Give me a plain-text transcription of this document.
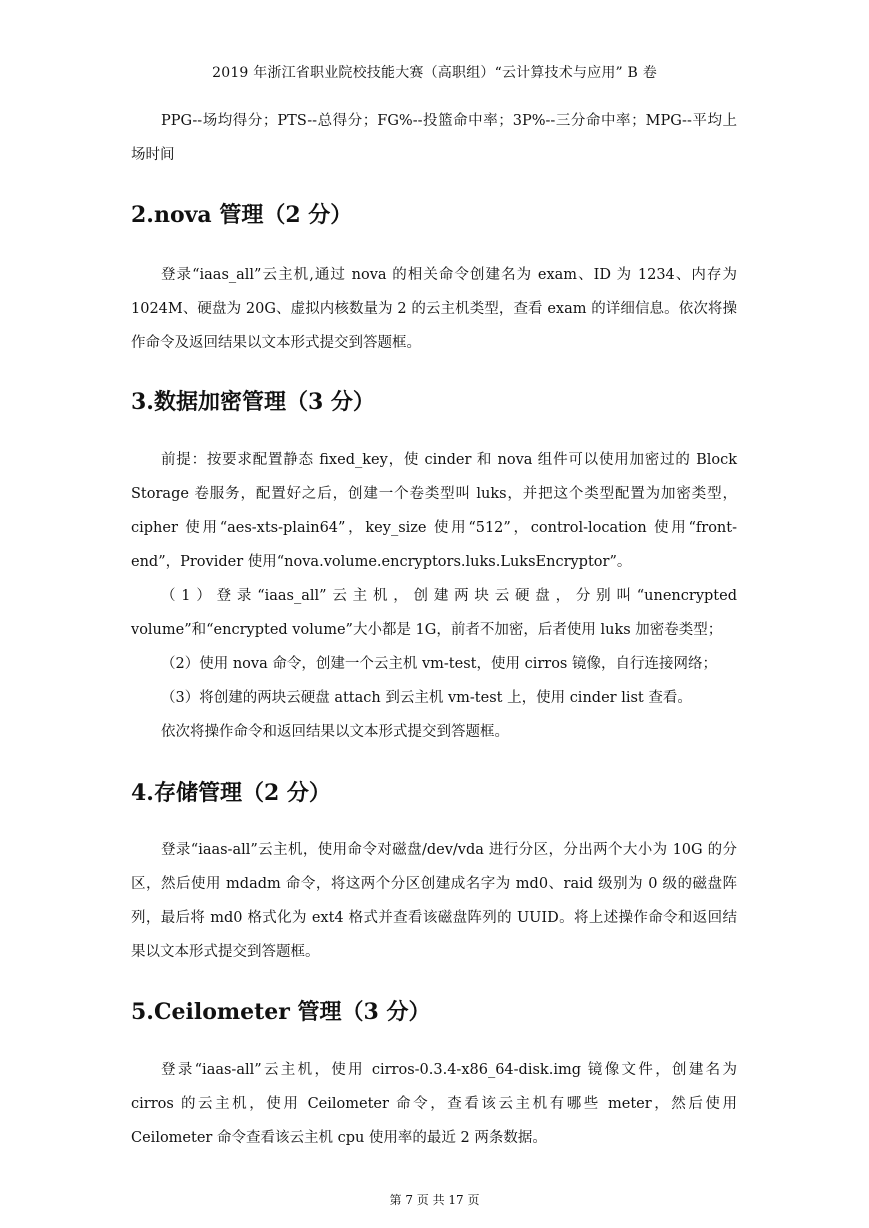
2019 年浙江省职业院校技能大赛（高职组）“云计算技术与应用” B 卷

PPG--场均得分；PTS--总得分；FG%--投篮命中率；3P%--三分命中率；MPG--平均上场时间

2.nova 管理（2 分）

登录“iaas_all”云主机,通过 nova 的相关命令创建名为 exam、ID 为 1234、内存为 1024M、硬盘为 20G、虚拟内核数量为 2 的云主机类型，查看 exam 的详细信息。依次将操作命令及返回结果以文本形式提交到答题框。

3.数据加密管理（3 分）

前提：按要求配置静态 fixed_key，使 cinder 和 nova 组件可以使用加密过的 Block Storage 卷服务，配置好之后，创建一个卷类型叫 luks，并把这个类型配置为加密类型，cipher 使用“aes-xts-plain64”，key_size 使用“512”，control-location 使用“front-end”，Provider 使用“nova.volume.encryptors.luks.LuksEncryptor”。

（1）登录“iaas_all”云主机，创建两块云硬盘，分别叫“unencrypted volume”和“encrypted volume”大小都是 1G，前者不加密，后者使用 luks 加密卷类型；

（2）使用 nova 命令，创建一个云主机 vm-test，使用 cirros 镜像，自行连接网络；

（3）将创建的两块云硬盘 attach 到云主机 vm-test 上，使用 cinder list 查看。

依次将操作命令和返回结果以文本形式提交到答题框。

4.存储管理（2 分）

登录“iaas-all”云主机，使用命令对磁盘/dev/vda 进行分区，分出两个大小为 10G 的分区，然后使用 mdadm 命令，将这两个分区创建成名字为 md0、raid 级别为 0 级的磁盘阵列，最后将 md0 格式化为 ext4 格式并查看该磁盘阵列的 UUID。将上述操作命令和返回结果以文本形式提交到答题框。

5.Ceilometer 管理（3 分）

登录“iaas-all”云主机，使用 cirros-0.3.4-x86_64-disk.img 镜像文件，创建名为 cirros 的云主机，使用 Ceilometer 命令，查看该云主机有哪些 meter，然后使用 Ceilometer 命令查看该云主机 cpu 使用率的最近 2 两条数据。

第 7 页 共 17 页
